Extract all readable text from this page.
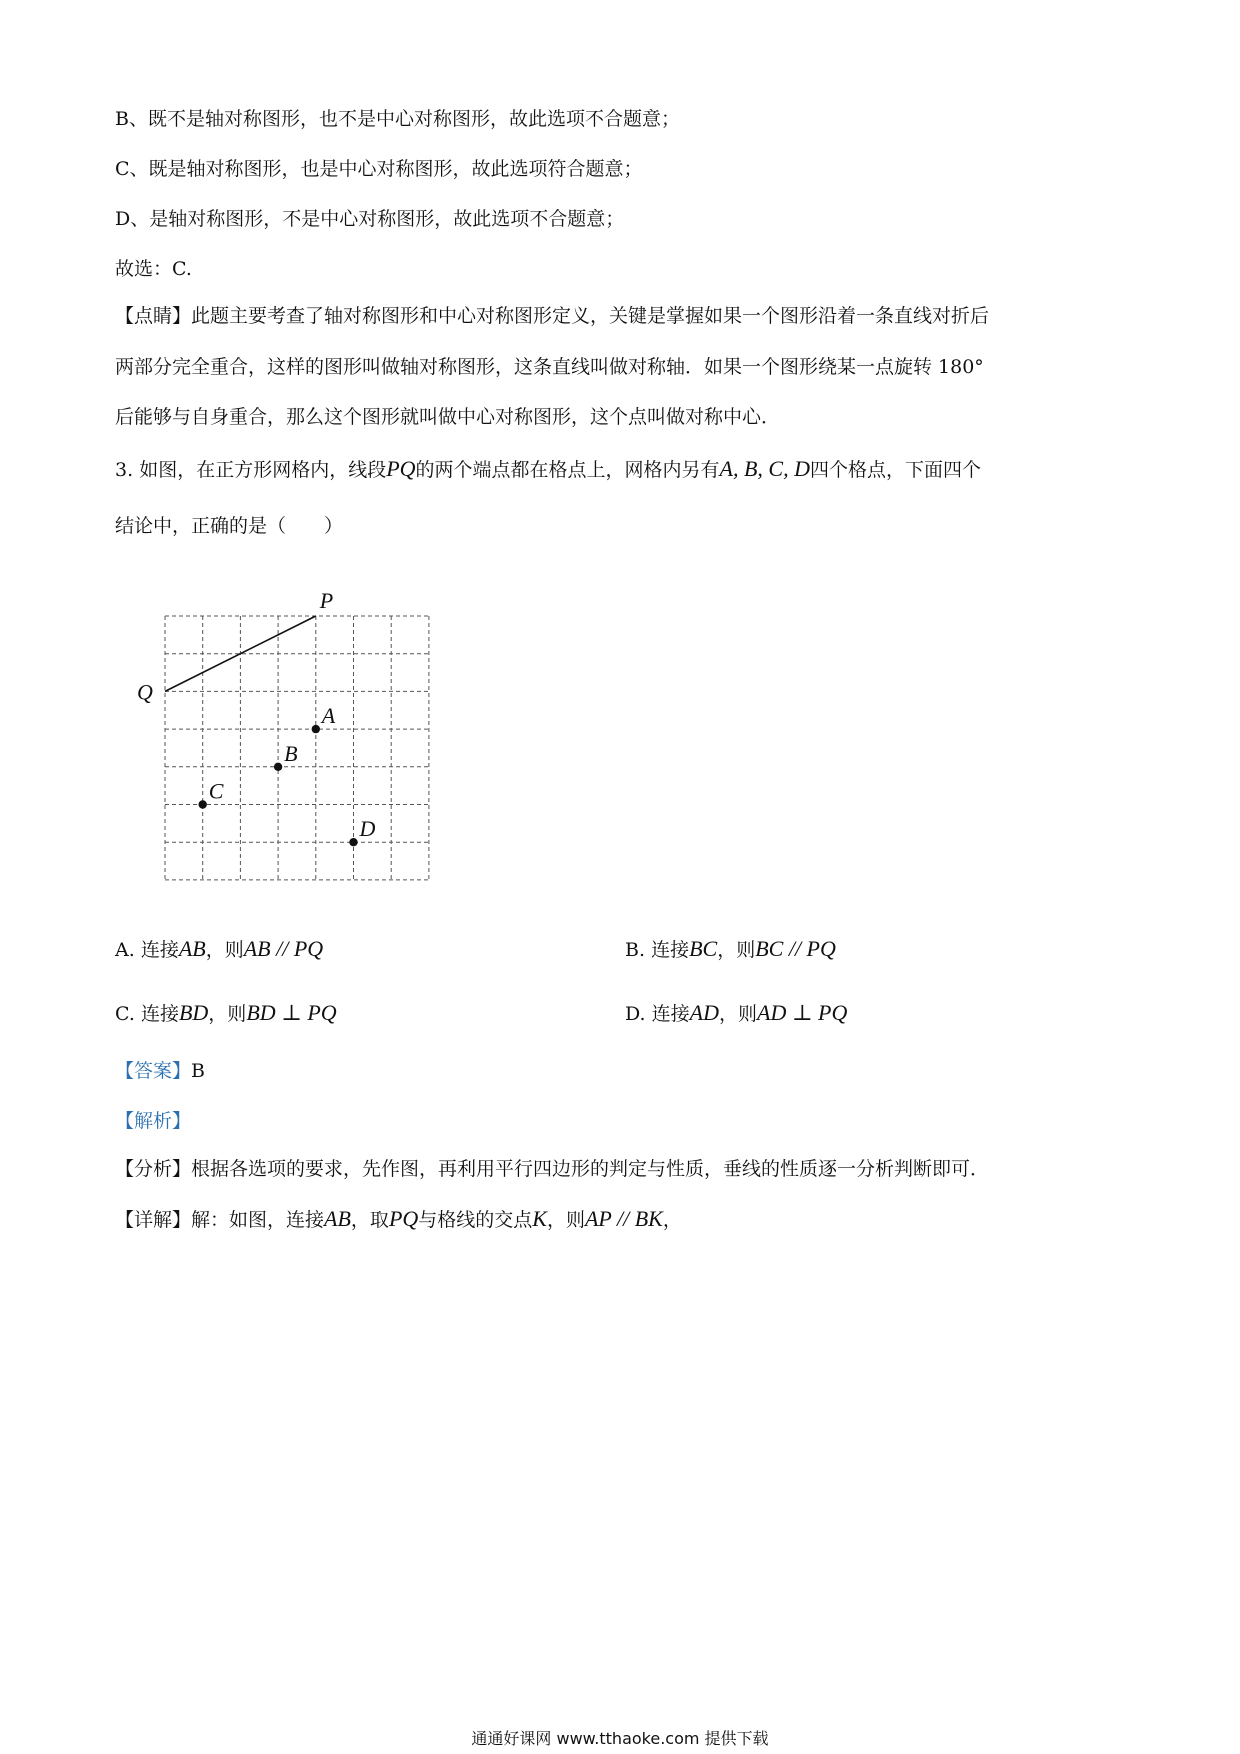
B、既不是轴对称图形，也不是中心对称图形，故此选项不合题意；
C、既是轴对称图形，也是中心对称图形，故此选项符合题意；
D、是轴对称图形，不是中心对称图形，故此选项不合题意；
故选：C.
【点睛】此题主要考查了轴对称图形和中心对称图形定义，关键是掌握如果一个图形沿着一条直线对折后
两部分完全重合，这样的图形叫做轴对称图形，这条直线叫做对称轴．如果一个图形绕某一点旋转 180°
后能够与自身重合，那么这个图形就叫做中心对称图形，这个点叫做对称中心．
3. 如图，在正方形网格内，线段PQ的两个端点都在格点上，网格内另有A, B, C, D四个格点，下面四个
结论中，正确的是（　　）
P
Q
A
B
C
D
A. 连接AB，则AB // PQ	B. 连接BC，则BC // PQ
C. 连接BD，则BD ⊥ PQ	D. 连接AD，则AD ⊥ PQ
【答案】B
【解析】
【分析】根据各选项的要求，先作图，再利用平行四边形的判定与性质，垂线的性质逐一分析判断即可．
【详解】解：如图，连接AB，取PQ与格线的交点K，则AP // BK，
通通好课网 www.tthaoke.com 提供下载
